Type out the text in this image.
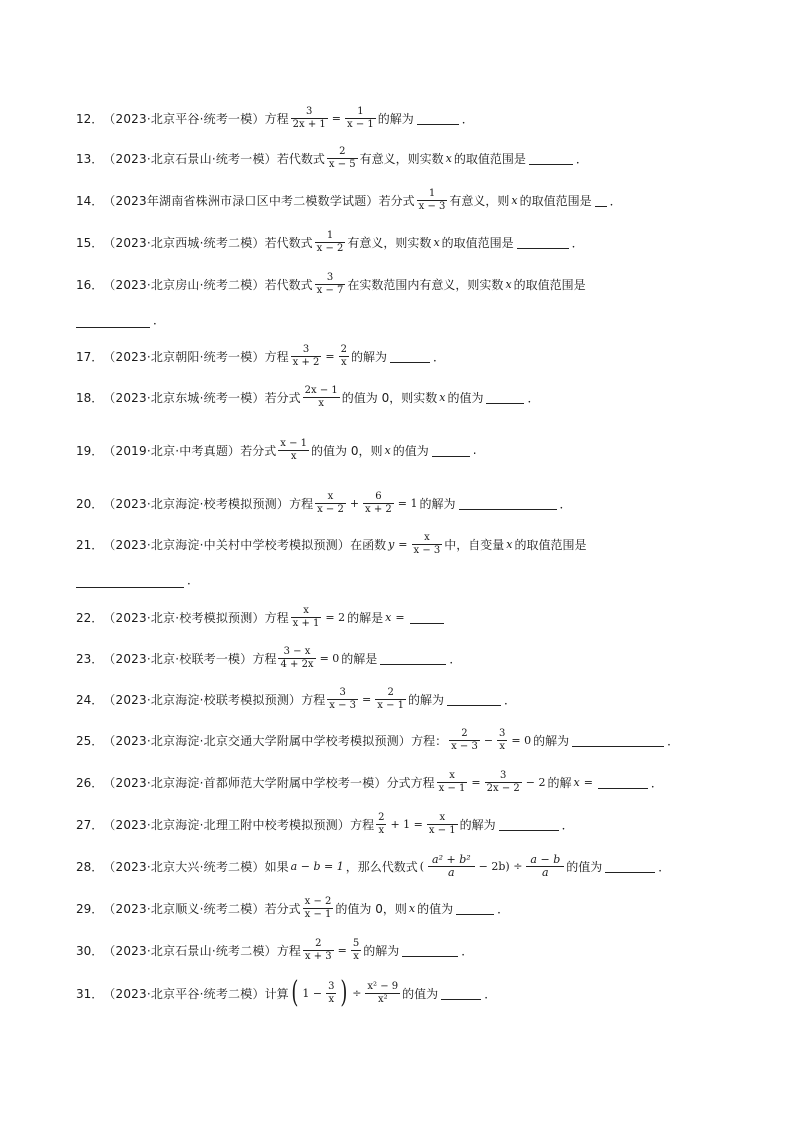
12． （2023·北京平谷·统考一模） 方程 $\frac{3}{2x + 1} = \frac{1}{x - 1}$ 的解为	．
13． （2023·北京石景山·统考一模） 若代数式 $\frac{2}{x - 5}$ 有意义，则实数 x 的取值范围是	．
14． （2023年湖南省株洲市渌口区中考二模数学试题） 若分式 $\frac{1}{x - 3}$ 有意义，则 x 的取值范围是 ．
15． （2023·北京西城·统考二模） 若代数式 $\frac{1}{x - 2}$ 有意义，则实数 x 的取值范围是	．
16． （2023·北京房山·统考二模） 若代数式 $\frac{3}{x - 7}$ 在实数范围内有意义，则实数 x 的取值范围是
．
17． （2023·北京朝阳·统考一模） 方程 $\frac{3}{x + 2} = \frac{2}{x}$ 的解为	．
18． （2023·北京东城·统考一模） 若分式 $\frac{2x - 1}{x}$ 的值为 0，则实数 x 的值为	．
19． （2019·北京·中考真题） 若分式 $\frac{x - 1}{x}$ 的值为 0，则 x 的值为	.
20． （2023·北京海淀·校考模拟预测） 方程 $\frac{x}{x - 2} + \frac{6}{x + 2} = 1$ 的解为	．
21． （2023·北京海淀·中关村中学校考模拟预测） 在函数 $y = \frac{x}{x - 3}$ 中，自变量 x 的取值范围是
．
22． （2023·北京·校考模拟预测） 方程 $\frac{x}{x + 1} = 2$ 的解是 x =
23． （2023·北京·校联考一模） 方程 $\frac{3 - x}{4 + 2x} = 0$ 的解是	．
24． （2023·北京海淀·校联考模拟预测） 方程 $\frac{3}{x - 3} = \frac{2}{x - 1}$ 的解为	．
25． （2023·北京海淀·北京交通大学附属中学校考模拟预测） 方程： $\frac{2}{x - 3} - \frac{3}{x} = 0$ 的解为	．
26． （2023·北京海淀·首都师范大学附属中学校考一模） 分式方程 $\frac{x}{x - 1} = \frac{3}{2x - 2} - 2$ 的解 x =	．
27． （2023·北京海淀·北理工附中校考模拟预测） 方程 $\frac{2}{x} + 1 = \frac{x}{x - 1}$ 的解为	．
28． （2023·北京大兴·统考二模） 如果 a − b = 1 ，那么代数式 ( $\frac{\text{a² + b²}}{a} - 2b) \div \frac{a - b}{a}$ 的值为	．
29． （2023·北京顺义·统考二模） 若分式 $\frac{x - 2}{x - 1}$ 的值为 0，则 x 的值为	．
30． （2023·北京石景山·统考二模） 方程 $\frac{2}{x + 3} = \frac{5}{x}$ 的解为	．
31． （2023·北京平谷·统考二模） 计算 ( $1 - \frac{3}{x}$ ) ÷ $\frac{\text{x² − 9}}{\text{x²}}$ 的值为	．
